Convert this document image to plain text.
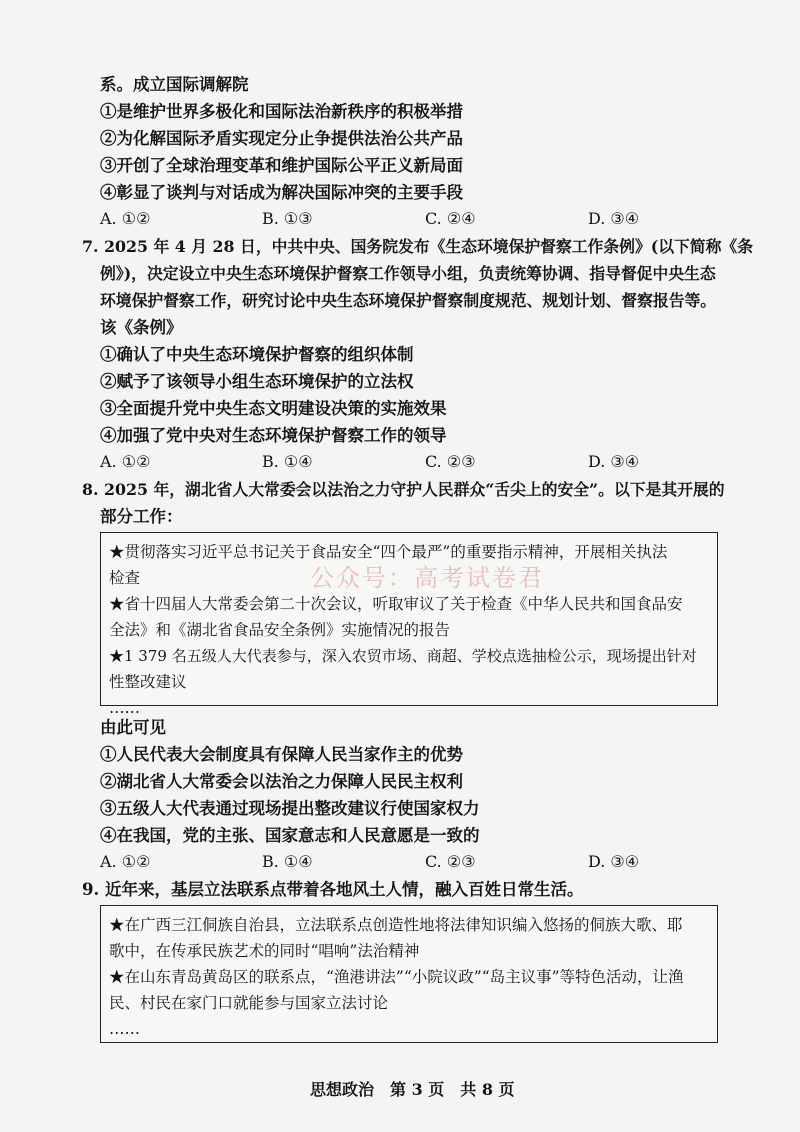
系。成立国际调解院
①是维护世界多极化和国际法治新秩序的积极举措
②为化解国际矛盾实现定分止争提供法治公共产品
③开创了全球治理变革和维护国际公平正义新局面
④彰显了谈判与对话成为解决国际冲突的主要手段
A. ①②	B. ①③	C. ②④	D. ③④
7. 2025 年 4 月 28 日，中共中央、国务院发布《生态环境保护督察工作条例》(以下简称《条
例》)，决定设立中央生态环境保护督察工作领导小组，负责统筹协调、指导督促中央生态
环境保护督察工作，研究讨论中央生态环境保护督察制度规范、规划计划、督察报告等。
该《条例》
①确认了中央生态环境保护督察的组织体制
②赋予了该领导小组生态环境保护的立法权
③全面提升党中央生态文明建设决策的实施效果
④加强了党中央对生态环境保护督察工作的领导
A. ①②	B. ①④	C. ②③	D. ③④
8. 2025 年，湖北省人大常委会以法治之力守护人民群众“舌尖上的安全”。以下是其开展的
部分工作：
★贯彻落实习近平总书记关于食品安全“四个最严”的重要指示精神，开展相关执法
检查
★省十四届人大常委会第二十次会议，听取审议了关于检查《中华人民共和国食品安
全法》和《湖北省食品安全条例》实施情况的报告
★1 379 名五级人大代表参与，深入农贸市场、商超、学校点选抽检公示，现场提出针对
性整改建议
……
公众号：高考试卷君
由此可见
①人民代表大会制度具有保障人民当家作主的优势
②湖北省人大常委会以法治之力保障人民民主权利
③五级人大代表通过现场提出整改建议行使国家权力
④在我国，党的主张、国家意志和人民意愿是一致的
A. ①②	B. ①④	C. ②③	D. ③④
9. 近年来，基层立法联系点带着各地风土人情，融入百姓日常生活。
★在广西三江侗族自治县，立法联系点创造性地将法律知识编入悠扬的侗族大歌、耶
歌中，在传承民族艺术的同时“唱响”法治精神
★在山东青岛黄岛区的联系点，“渔港讲法”“小院议政”“岛主议事”等特色活动，让渔
民、村民在家门口就能参与国家立法讨论
……
思想政治　第 3 页　共 8 页
